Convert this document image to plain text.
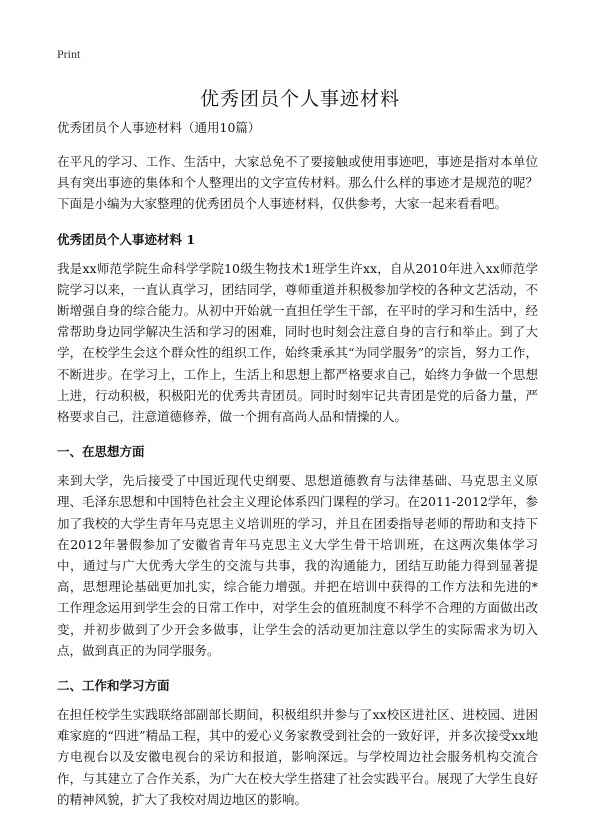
Print
优秀团员个人事迹材料

优秀团员个人事迹材料（通用10篇）

在平凡的学习、工作、生活中，大家总免不了要接触或使用事迹吧，事迹是指对本单位具有突出事迹的集体和个人整理出的文字宣传材料。那么什么样的事迹才是规范的呢？下面是小编为大家整理的优秀团员个人事迹材料，仅供参考，大家一起来看看吧。

优秀团员个人事迹材料 1

我是xx师范学院生命科学学院10级生物技术1班学生许xx，自从2010年进入xx师范学院学习以来，一直认真学习，团结同学，尊师重道并积极参加学校的各种文艺活动，不断增强自身的综合能力。从初中开始就一直担任学生干部，在平时的学习和生活中，经常帮助身边同学解决生活和学习的困难，同时也时刻会注意自身的言行和举止。到了大学，在校学生会这个群众性的组织工作，始终秉承其“为同学服务”的宗旨，努力工作，不断进步。在学习上，工作上，生活上和思想上都严格要求自己，始终力争做一个思想上进，行动积极，积极阳光的优秀共青团员。同时时刻牢记共青团是党的后备力量，严格要求自己，注意道德修养，做一个拥有高尚人品和情操的人。

一、在思想方面

来到大学，先后接受了中国近现代史纲要、思想道德教育与法律基础、马克思主义原理、毛泽东思想和中国特色社会主义理论体系四门课程的学习。在2011-2012学年，参加了我校的大学生青年马克思主义培训班的学习，并且在团委指导老师的帮助和支持下在2012年暑假参加了安徽省青年马克思主义大学生骨干培训班，在这两次集体学习中，通过与广大优秀大学生的交流与共事，我的沟通能力，团结互助能力得到显著提高，思想理论基础更加扎实，综合能力增强。并把在培训中获得的工作方法和先进的*工作理念运用到学生会的日常工作中，对学生会的值班制度不科学不合理的方面做出改变，并初步做到了少开会多做事，让学生会的活动更加注意以学生的实际需求为切入点，做到真正的为同学服务。

二、工作和学习方面

在担任校学生实践联络部副部长期间，积极组织并参与了xx校区进社区、进校园、进困难家庭的“四进”精品工程，其中的爱心义务家教受到社会的一致好评，并多次接受xx地方电视台以及安徽电视台的采访和报道，影响深远。与学校周边社会服务机构交流合作，与其建立了合作关系，为广大在校大学生搭建了社会实践平台。展现了大学生良好的精神风貌，扩大了我校对周边地区的影响。
